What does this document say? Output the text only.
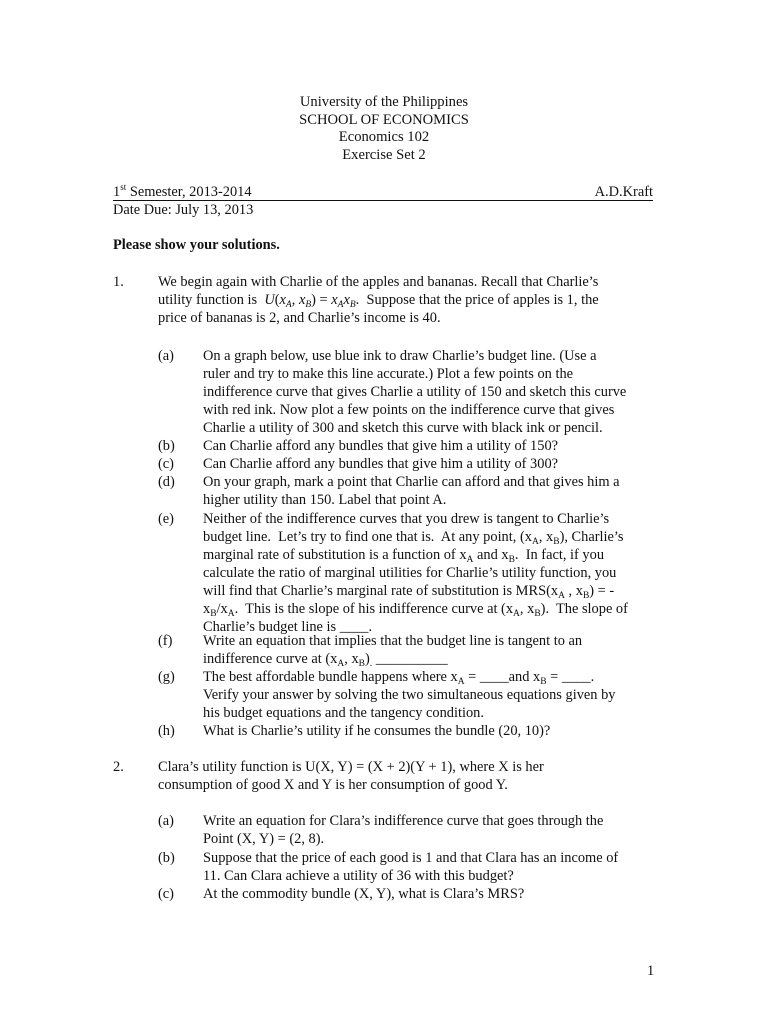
University of the Philippines
SCHOOL OF ECONOMICS
Economics 102
Exercise Set 2
1st Semester, 2013-2014	A.D.Kraft
Date Due: July 13, 2013
Please show your solutions.
1. We begin again with Charlie of the apples and bananas. Recall that Charlie’s
utility function is  $U(x_A$, $x_B) = x_Ax_B$.  Suppose that the price of apples is 1, the
price of bananas is 2, and Charlie’s income is 40.
(a) On a graph below, use blue ink to draw Charlie’s budget line. (Use a
ruler and try to make this line accurate.) Plot a few points on the
indifference curve that gives Charlie a utility of 150 and sketch this curve
with red ink. Now plot a few points on the indifference curve that gives
Charlie a utility of 300 and sketch this curve with black ink or pencil.
(b) Can Charlie afford any bundles that give him a utility of 150?
(c) Can Charlie afford any bundles that give him a utility of 300?
(d) On your graph, mark a point that Charlie can afford and that gives him a
higher utility than 150. Label that point A.
(e) Neither of the indifference curves that you drew is tangent to Charlie’s
budget line.  Let’s try to find one that is.  At any point, ($x_A$, $x_B$), Charlie’s
marginal rate of substitution is a function of $x_A$ and $x_B$.  In fact, if you
calculate the ratio of marginal utilities for Charlie’s utility function, you
will find that Charlie’s marginal rate of substitution is $MRS(x_A$ , $x_B$) = -
$x_B/x_A$.  This is the slope of his indifference curve at ($x_A$, $x_B$).  The slope of
Charlie’s budget line is ____.
(f) Write an equation that implies that the budget line is tangent to an
indifference curve at ($x_A$, $x_B)_.$ __________
(g) The best affordable bundle happens where $x_A$ = ____and $x_B$ = ____.
Verify your answer by solving the two simultaneous equations given by
his budget equations and the tangency condition.
(h) What is Charlie’s utility if he consumes the bundle (20, 10)?
2. Clara’s utility function is U(X, Y) = (X + 2)(Y + 1), where X is her
consumption of good X and Y is her consumption of good Y.
(a) Write an equation for Clara’s indifference curve that goes through the
Point (X, Y) = (2, 8).
(b) Suppose that the price of each good is 1 and that Clara has an income of
11. Can Clara achieve a utility of 36 with this budget?
(c) At the commodity bundle (X, Y), what is Clara’s MRS?
1
